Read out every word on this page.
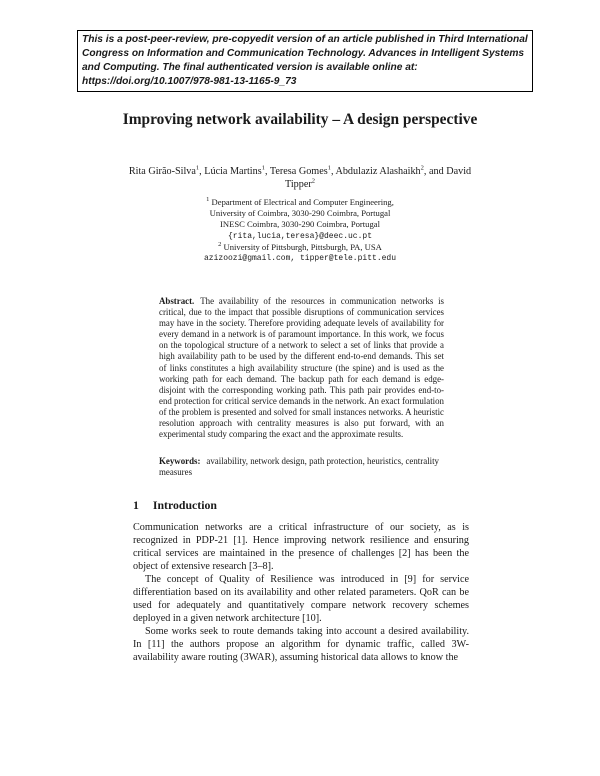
This is a post-peer-review, pre-copyedit version of an article published in Third International Congress on Information and Communication Technology. Advances in Intelligent Systems and Computing. The final authenticated version is available online at: https://doi.org/10.1007/978-981-13-1165-9_73
Improving network availability – A design perspective
Rita Girão-Silva$^1$, Lúcia Martins$^1$, Teresa Gomes$^1$, Abdulaziz Alashaikh$^2$, and David Tipper$^2$
$^1$ Department of Electrical and Computer Engineering,
University of Coimbra, 3030-290 Coimbra, Portugal
INESC Coimbra, 3030-290 Coimbra, Portugal
{rita,lucia,teresa}@deec.uc.pt
$^2$ University of Pittsburgh, Pittsburgh, PA, USA
azizoozi@gmail.com, tipper@tele.pitt.edu
Abstract. The availability of the resources in communication networks is critical, due to the impact that possible disruptions of communication services may have in the society. Therefore providing adequate levels of availability for every demand in a network is of paramount importance. In this work, we focus on the topological structure of a network to select a set of links that provide a high availability path to be used by the different end-to-end demands. This set of links constitutes a high availability structure (the spine) and is used as the working path for each demand. The backup path for each demand is edge-disjoint with the corresponding working path. This path pair provides end-to-end protection for critical service demands in the network. An exact formulation of the problem is presented and solved for small instances networks. A heuristic resolution approach with centrality measures is also put forward, with an experimental study comparing the exact and the approximate results.
Keywords: availability, network design, path protection, heuristics, centrality measures
1 Introduction

Communication networks are a critical infrastructure of our society, as is recognized in PDP-21 [1]. Hence improving network resilience and ensuring critical services are maintained in the presence of challenges [2] has been the object of extensive research [3–8].

The concept of Quality of Resilience was introduced in [9] for service differentiation based on its availability and other related parameters. QoR can be used for adequately and quantitatively compare network recovery schemes deployed in a given network architecture [10].

Some works seek to route demands taking into account a desired availability. In [11] the authors propose an algorithm for dynamic traffic, called 3W-availability aware routing (3WAR), assuming historical data allows to know the
